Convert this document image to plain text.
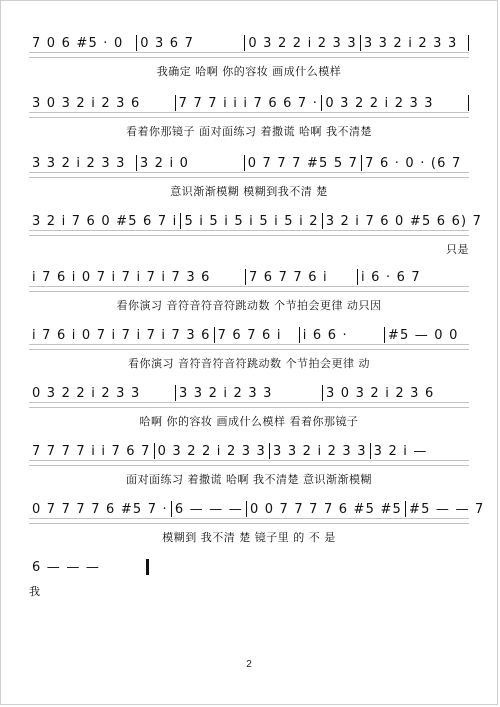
7 0 6 #5 · 0	0 3 6 7	0 3 2 2 i 2 3 3 3 3 2 i 2 3 3
我确定 哈啊 你的容妆 画成什么模样
3 0 3 2 i 2 3 6	7 7 7 i i i 7 6 6 7 · 0 3 2 2 i 2 3 3
看着你那镜子 面对面练习 着撒谎 哈啊 我不清楚
3 3 2 i 2 3 3	3 2 i 0	0 7 7 7 #5 5 7 7 6 · 0 · (6 7
意识渐渐模糊 模糊到我不清 楚
3 2 i 7 6 0 #5 6 7 i 5 i 5 i 5 i 5 i 5 i 2 3 2 i 7 6 0 #5 6 6) 7
只是
i 7 6 i 0 7 i 7 i 7 i 7 3 6	7 6 7 7 6 i	i 6 · 6 7
看你演习 音符音符音符跳动数 个节拍会更律 动只因
i 7 6 i 0 7 i 7 i 7 i 7 3 6 7 6 7 6 i	i 6 6 ·	#5 — 0 0
看你演习 音符音符音符跳动数 个节拍会更律 动
0 3 2 2 i 2 3 3	3 3 2 i 2 3 3	3 0 3 2 i 2 3 6
哈啊 你的容妆 画成什么模样 看着你那镜子
7 7 7 7 i i 7 6 7 0 3 2 2 i 2 3 3 3 3 2 i 2 3 3 3 2 i —
面对面练习 着撒谎 哈啊 我不清楚 意识渐渐模糊
0 7 7 7 7 6 #5 7 · 6 — — — 0 0 7 7 7 7 6 #5 #5 #5 — — 7
模糊到 我不清 楚 镜子里 的 不 是
6 — — —
我
2
